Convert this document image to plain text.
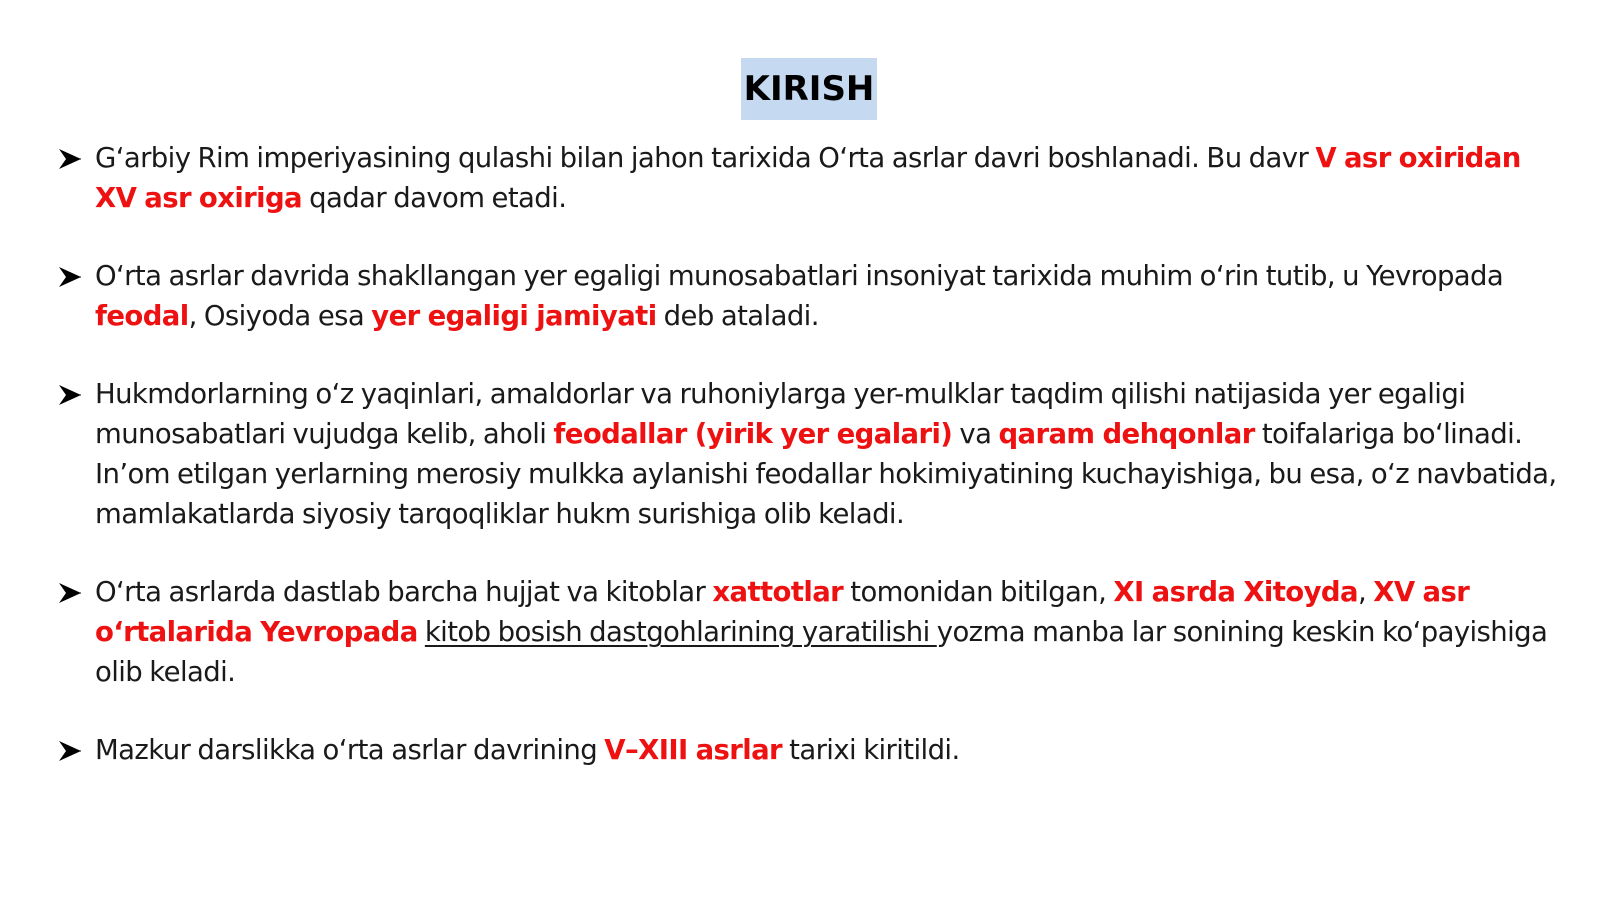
KIRISH

G‘arbiy Rim imperiyasining qulashi bilan jahon tarixida O‘rta asrlar davri boshlanadi. Bu davr V asr oxiridan XV asr oxiriga qadar davom etadi.

O‘rta asrlar davrida shakllangan yer egaligi munosabatlari insoniyat tarixida muhim o‘rin tutib, u Yevropada feodal, Osiyoda esa yer egaligi jamiyati deb ataladi.

Hukmdorlarning o‘z yaqinlari, amaldorlar va ruhoniylarga yer-mulklar taqdim qilishi natijasida yer egaligi munosabatlari vujudga kelib, aholi feodallar (yirik yer egalari) va qaram dehqonlar toifalariga bo‘linadi. In’om etilgan yerlarning merosiy mulkka aylanishi feodallar hokimiyatining kuchayishiga, bu esa, o‘z navbatida, mamlakatlarda siyosiy tarqoqliklar hukm surishiga olib keladi.

O‘rta asrlarda dastlab barcha hujjat va kitoblar xattotlar tomonidan bitilgan, XI asrda Xitoyda, XV asr o‘rtalarida Yevropada kitob bosish dastgohlarining yaratilishi yozma manba lar sonining keskin ko‘payishiga olib keladi.

Mazkur darslikka o‘rta asrlar davrining V–XIII asrlar tarixi kiritildi.
